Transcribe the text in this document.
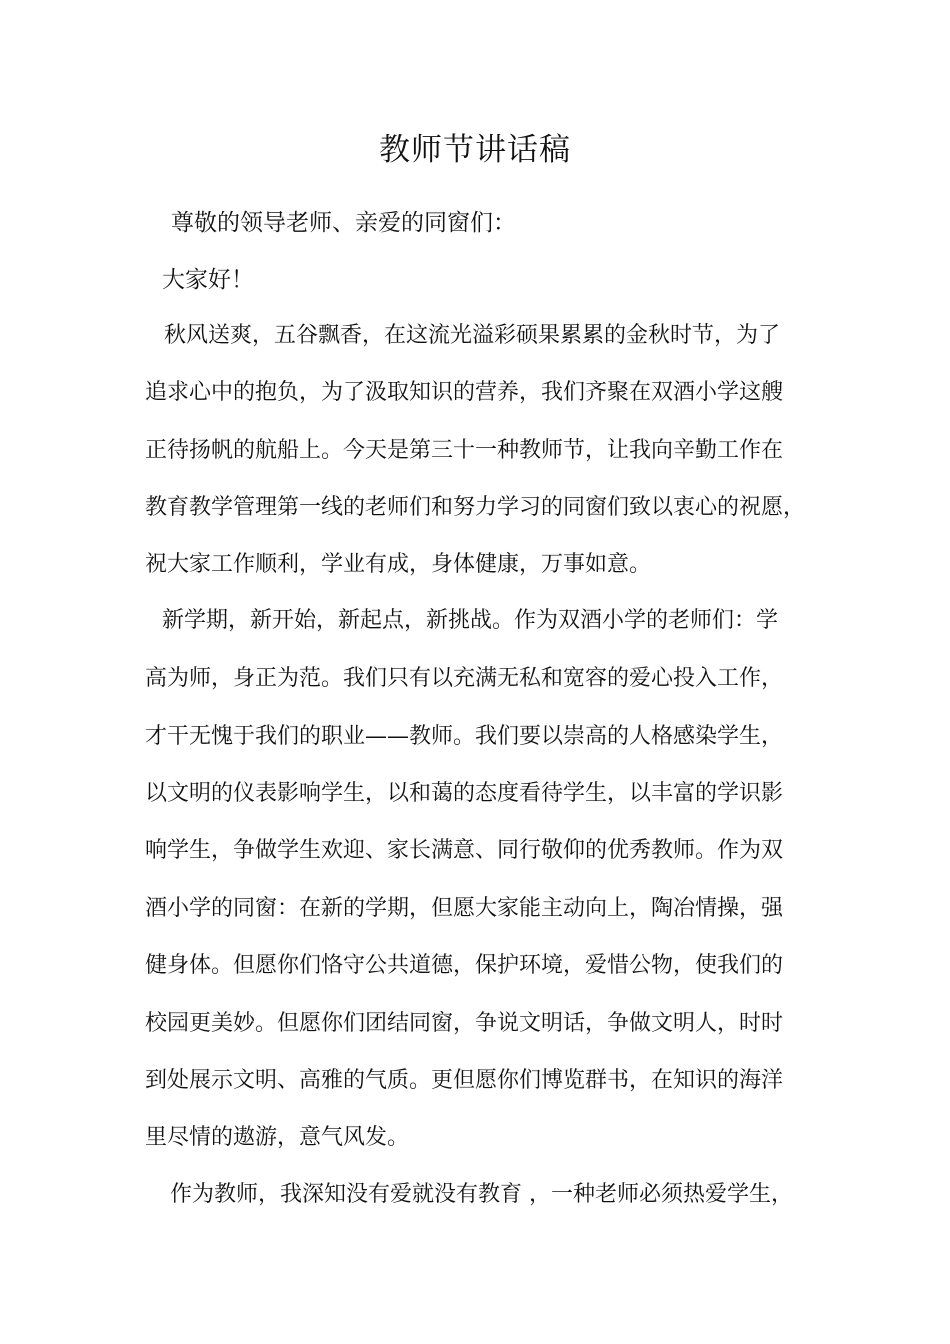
教师节讲话稿
尊敬的领导老师、亲爱的同窗们：
大家好！
秋风送爽，五谷飘香，在这流光溢彩硕果累累的金秋时节，为了
追求心中的抱负，为了汲取知识的营养，我们齐聚在双酒小学这艘
正待扬帆的航船上。今天是第三十一种教师节，让我向辛勤工作在
教育教学管理第一线的老师们和努力学习的同窗们致以衷心的祝愿，
祝大家工作顺利，学业有成，身体健康，万事如意。
新学期，新开始，新起点，新挑战。作为双酒小学的老师们：学
高为师，身正为范。我们只有以充满无私和宽容的爱心投入工作，
才干无愧于我们的职业——教师。我们要以崇高的人格感染学生，
以文明的仪表影响学生，以和蔼的态度看待学生，以丰富的学识影
响学生，争做学生欢迎、家长满意、同行敬仰的优秀教师。作为双
酒小学的同窗：在新的学期，但愿大家能主动向上，陶冶情操，强
健身体。但愿你们恪守公共道德，保护环境，爱惜公物，使我们的
校园更美妙。但愿你们团结同窗，争说文明话，争做文明人，时时
到处展示文明、高雅的气质。更但愿你们博览群书，在知识的海洋
里尽情的遨游，意气风发。
作为教师，我深知没有爱就没有教育 ，一种老师必须热爱学生，
